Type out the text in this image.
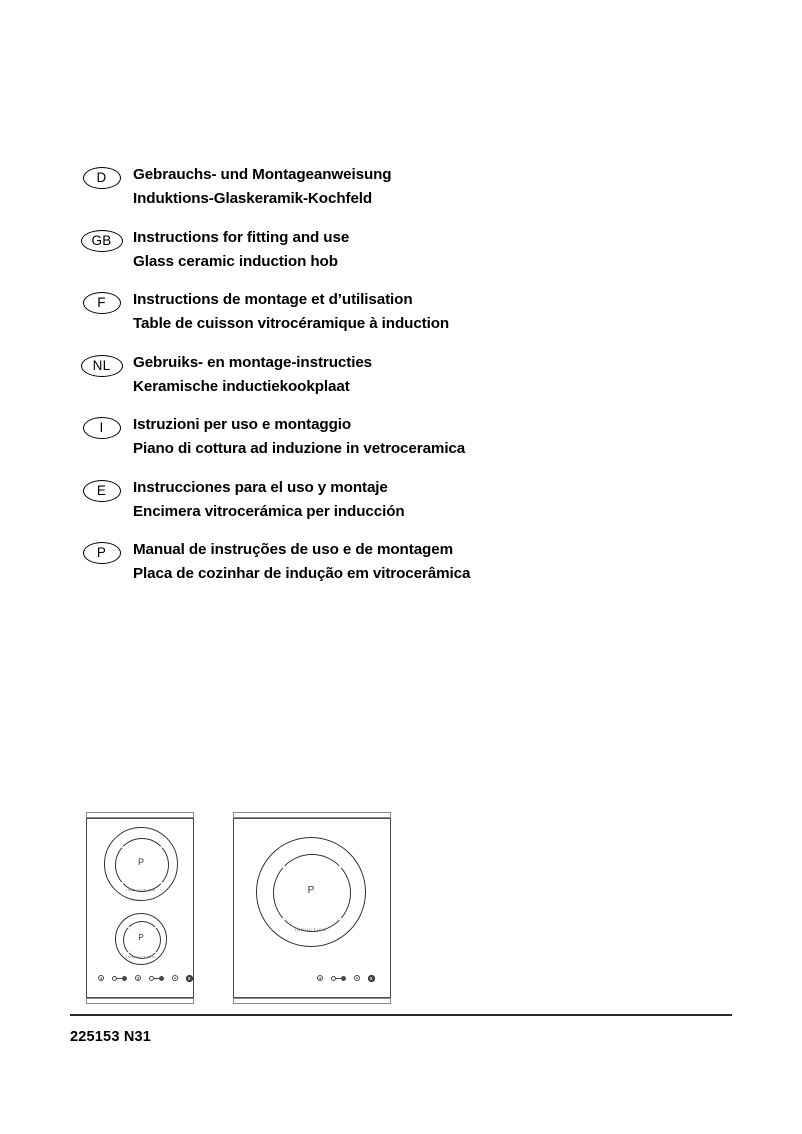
D	Gebrauchs- und Montageanweisung
Induktions-Glaskeramik-Kochfeld
GB	Instructions for fitting and use
Glass ceramic induction hob
F	Instructions de montage et d’utilisation
Table de cuisson vitrocéramique à induction
NL	Gebruiks- en montage-instructies
Keramische inductiekookplaat
I	Istruzioni per uso e montaggio
Piano di cottura ad induzione in vetroceramica
E	Instrucciones para el uso y montaje
Encimera vitrocerámica per inducción
P	Manual de instruções de uso e de montagem
Placa de cozinhar de indução em vitrocerâmica
P
INDUCTION
P
INDUCTION
P
INDUCTION
225153 N31
